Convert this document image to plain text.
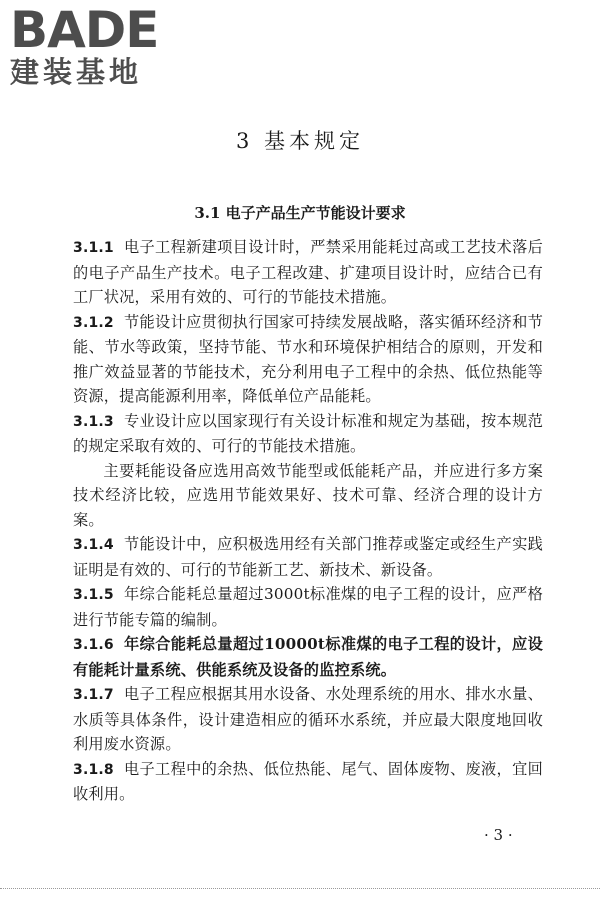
BADE
建装基地
3 基本规定
3.1 电子产品生产节能设计要求

3.1.1 电子工程新建项目设计时，严禁采用能耗过高或工艺技术落后的电子产品生产技术。电子工程改建、扩建项目设计时，应结合已有工厂状况，采用有效的、可行的节能技术措施。

3.1.2 节能设计应贯彻执行国家可持续发展战略，落实循环经济和节能、节水等政策，坚持节能、节水和环境保护相结合的原则，开发和推广效益显著的节能技术，充分利用电子工程中的余热、低位热能等资源，提高能源利用率，降低单位产品能耗。

3.1.3 专业设计应以国家现行有关设计标准和规定为基础，按本规范的规定采取有效的、可行的节能技术措施。

主要耗能设备应选用高效节能型或低能耗产品，并应进行多方案技术经济比较，应选用节能效果好、技术可靠、经济合理的设计方案。

3.1.4 节能设计中，应积极选用经有关部门推荐或鉴定或经生产实践证明是有效的、可行的节能新工艺、新技术、新设备。

3.1.5 年综合能耗总量超过3000t标准煤的电子工程的设计，应严格进行节能专篇的编制。

3.1.6 年综合能耗总量超过10000t标准煤的电子工程的设计，应设有能耗计量系统、供能系统及设备的监控系统。

3.1.7 电子工程应根据其用水设备、水处理系统的用水、排水水量、水质等具体条件，设计建造相应的循环水系统，并应最大限度地回收利用废水资源。

3.1.8 电子工程中的余热、低位热能、尾气、固体废物、废液，宜回收利用。

· 3 ·
